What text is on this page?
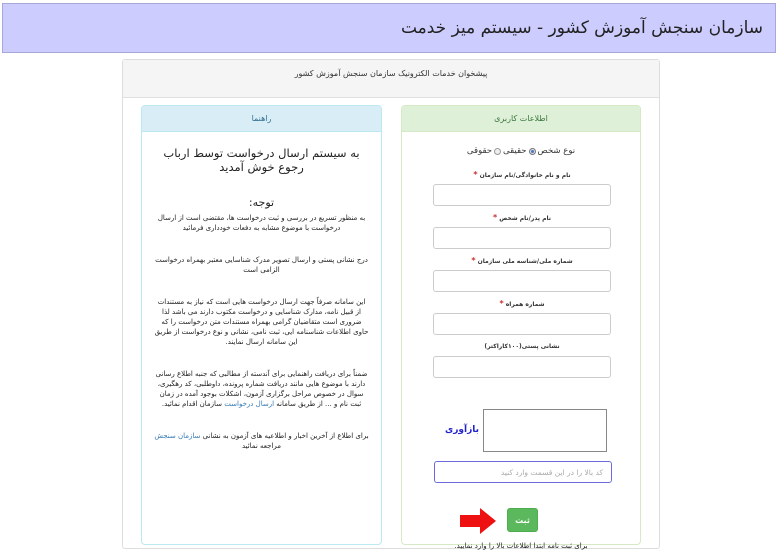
سازمان سنجش آموزش کشور - سیستم میز خدمت
پیشخوان خدمات الکترونیک سازمان سنجش آموزش کشور
اطلاعات کاربری
نوع شخص
حقیقی
حقوقی
نام و نام خانوادگی/نام سازمان *
نام پدر/نام شخص *
شماره ملی/شناسه ملی سازمان *
شماره همراه *
نشانی پستی(۱۰۰کاراکتر)
بازآوری
کد بالا را در این قسمت وارد کنید
ثبت
برای ثبت نامه ابتدا اطلاعات بالا را وارد نمایید.
راهنما
به سیستم ارسال درخواست توسط ارباب رجوع خوش آمدید
توجه:

به منظور تسریع در بررسی و ثبت درخواست ها، مقتضی است از ارسال درخواست با موضوع مشابه به دفعات خودداری فرمائید

درج نشانی پستی و ارسال تصویر مدرک شناسایی معتبر بهمراه درخواست الزامی است

این سامانه صرفاً جهت ارسال درخواست هایی است که نیاز به مستندات از قبیل نامه، مدارک شناسایی و درخواست مکتوب دارند می باشد لذا ضروری است متقاضیان گرامی بهمراه مستندات متن درخواست را که حاوی اطلاعات شناسنامه ایی، ثبت نامی، نشانی و نوع درخواست از طریق این سامانه ارسال نمایند.

ضمناً برای دریافت راهنمایی برای آندسته از مطالبی که جنبه اطلاع رسانی دارند با موضوع هایی مانند دریافت شماره پرونده، داوطلبی، کد رهگیری، سوال در خصوص مراحل برگزاری آزمون، اشکلات بوجود آمده در زمان ثبت نام و ... از طریق سامانه ارسال درخواست سازمان اقدام نمائید.

برای اطلاع از آخرین اخبار و اطلاعیه های آزمون به نشانی سازمان سنجش مراجعه نمائید
